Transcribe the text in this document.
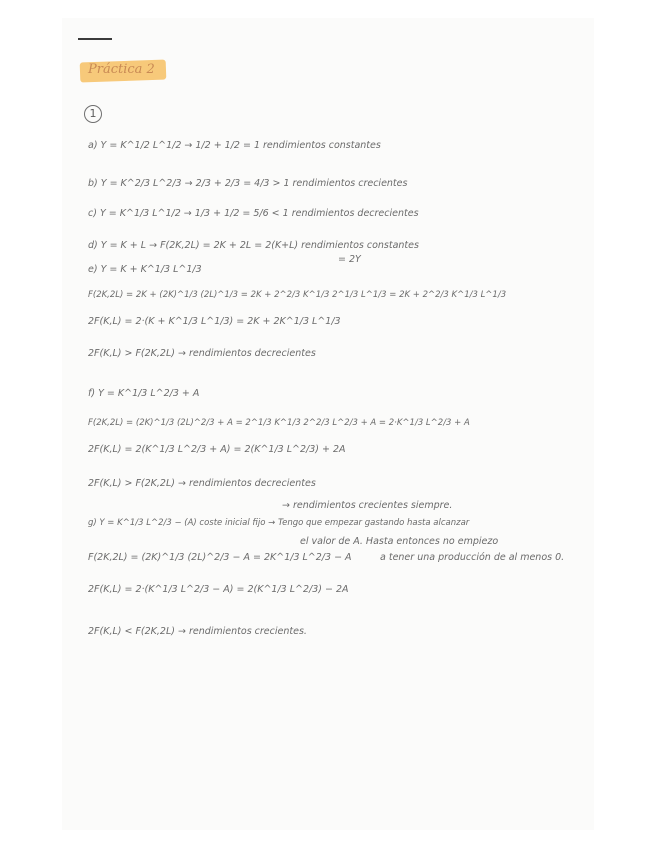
Práctica 2
1
a) Y = K^1/2 L^1/2 → 1/2 + 1/2 = 1 rendimientos constantes
b) Y = K^2/3 L^2/3 → 2/3 + 2/3 = 4/3 > 1 rendimientos crecientes
c) Y = K^1/3 L^1/2 → 1/3 + 1/2 = 5/6 < 1 rendimientos decrecientes
d) Y = K + L → F(2K,2L) = 2K + 2L = 2(K+L) rendimientos constantes
= 2Y
e) Y = K + K^1/3 L^1/3
F(2K,2L) = 2K + (2K)^1/3 (2L)^1/3 = 2K + 2^2/3 K^1/3 2^1/3 L^1/3 = 2K + 2^2/3 K^1/3 L^1/3
2F(K,L) = 2·(K + K^1/3 L^1/3) = 2K + 2K^1/3 L^1/3
2F(K,L) > F(2K,2L) → rendimientos decrecientes
f) Y = K^1/3 L^2/3 + A
F(2K,2L) = (2K)^1/3 (2L)^2/3 + A = 2^1/3 K^1/3 2^2/3 L^2/3 + A = 2·K^1/3 L^2/3 + A
2F(K,L) = 2(K^1/3 L^2/3 + A) = 2(K^1/3 L^2/3) + 2A
2F(K,L) > F(2K,2L) → rendimientos decrecientes
→ rendimientos crecientes siempre.
g) Y = K^1/3 L^2/3 − (A) coste inicial fijo → Tengo que empezar gastando hasta alcanzar
el valor de A. Hasta entonces no empiezo
F(2K,2L) = (2K)^1/3 (2L)^2/3 − A = 2K^1/3 L^2/3 − A	a tener una producción de al menos 0.
2F(K,L) = 2·(K^1/3 L^2/3 − A) = 2(K^1/3 L^2/3) − 2A
2F(K,L) < F(2K,2L) → rendimientos crecientes.
